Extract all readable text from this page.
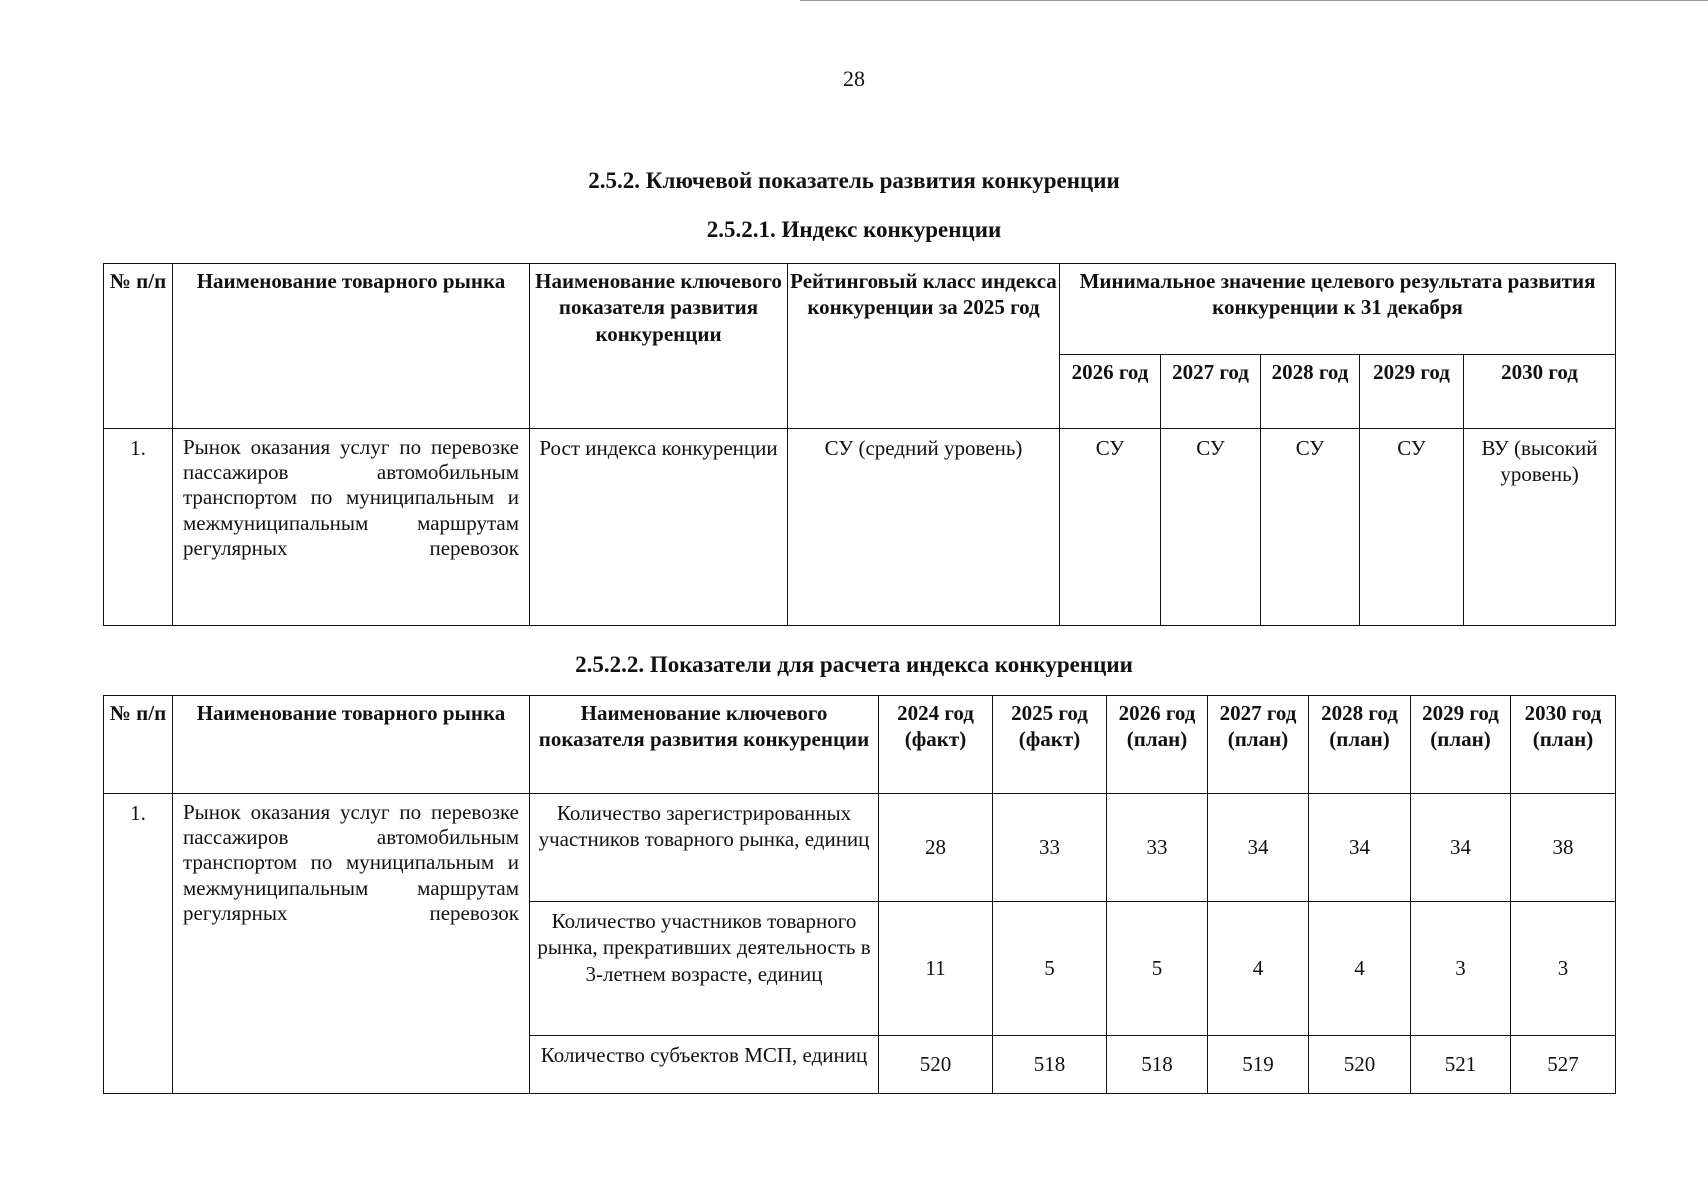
28
2.5.2. Ключевой показатель развития конкуренции
2.5.2.1. Индекс конкуренции
№ п/п	Наименование товарного рынка	Наименование ключевого показателя развития конкуренции	Рейтинговый класс индекса конкуренции за 2025 год	Минимальное значение целевого результата развития конкуренции к 31 декабря				
				2026 год	2027 год	2028 год	2029 год	2030 год
1.	Рынок оказания услуг по перевозке пассажиров автомобильным транспортом по муниципальным и межмуниципальным маршрутам регулярных перевозок	Рост индекса конкуренции	СУ (средний уровень)	СУ	СУ	СУ	СУ	ВУ (высокий уровень)
2.5.2.2. Показатели для расчета индекса конкуренции
№ п/п	Наименование товарного рынка	Наименование ключевого показателя развития конкуренции	2024 год (факт)	2025 год (факт)	2026 год (план)	2027 год (план)	2028 год (план)	2029 год (план)	2030 год (план)
1.	Рынок оказания услуг по перевозке пассажиров автомобильным транспортом по муниципальным и межмуниципальным маршрутам регулярных перевозок	Количество зарегистрированных участников товарного рынка, единиц	28	33	33	34	34	34	38
		Количество участников товарного рынка, прекративших деятельность в 3-летнем возрасте, единиц	11	5	5	4	4	3	3
		Количество субъектов МСП, единиц	520	518	518	519	520	521	527
